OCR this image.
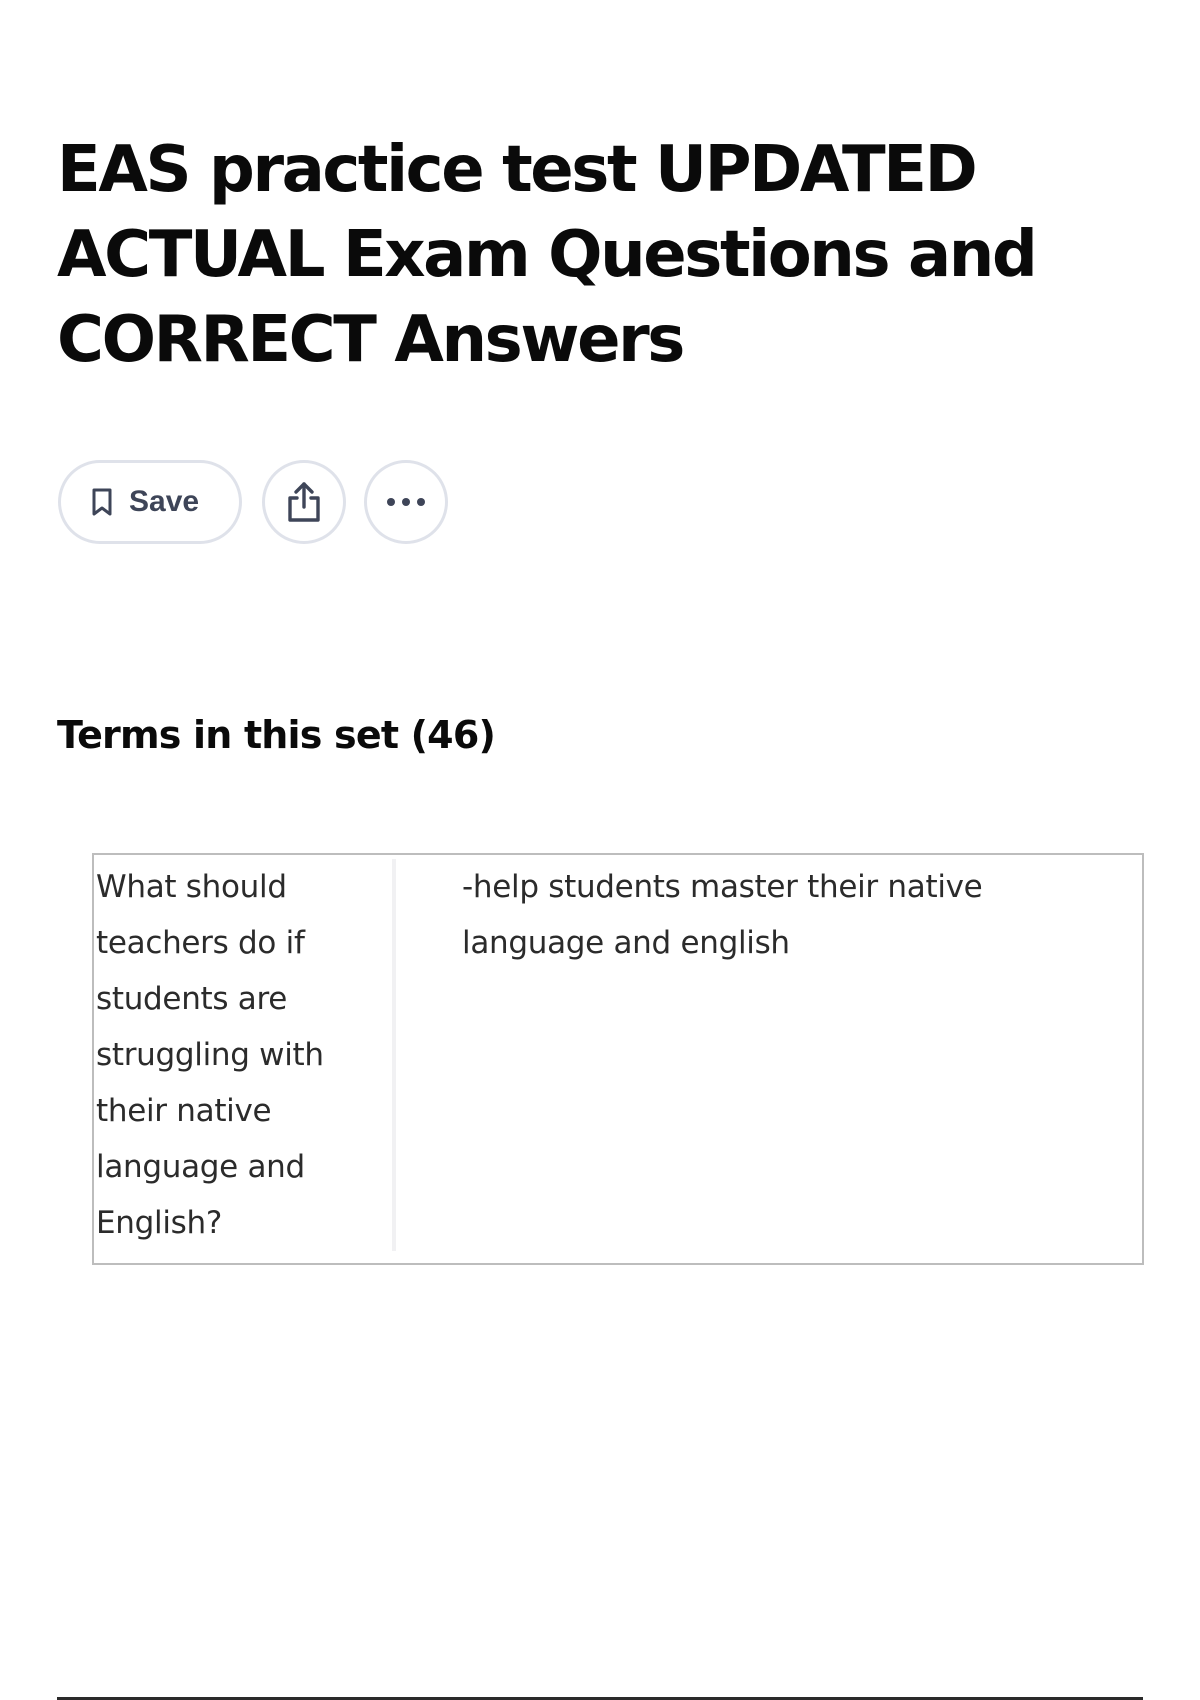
EAS practice test UPDATED ACTUAL Exam Questions and CORRECT Answers
Save
Terms in this set (46)
What should teachers do if students are struggling with their native language and English?
-help students master their native language and english
